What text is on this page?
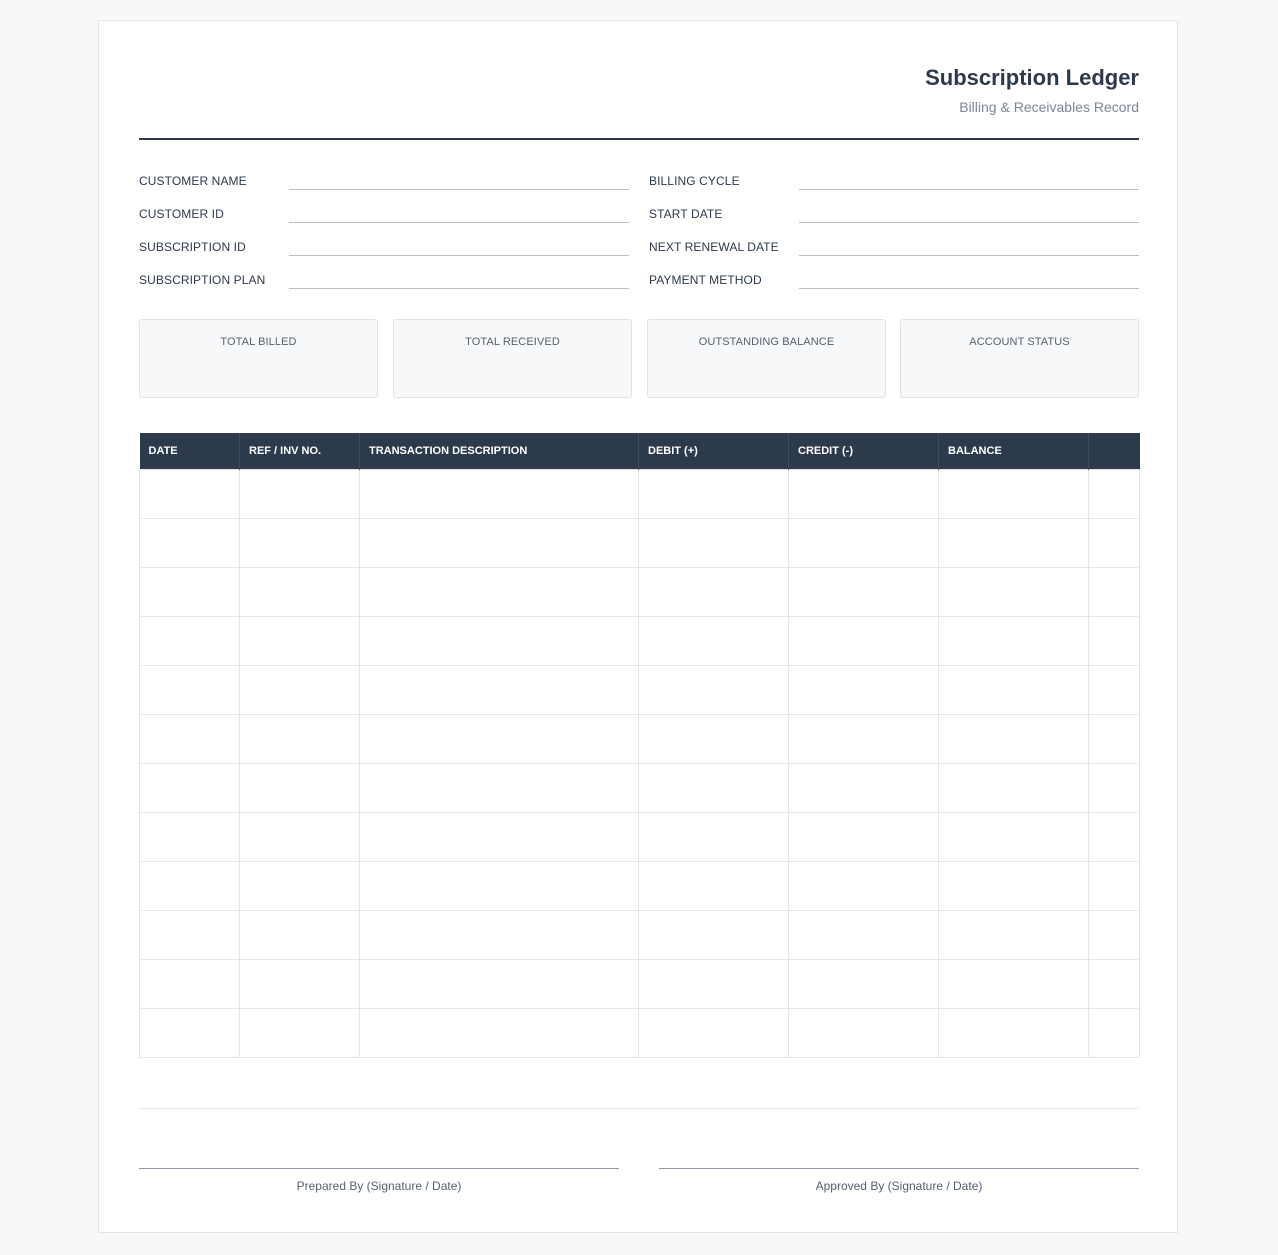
Subscription Ledger
Billing & Receivables Record
CUSTOMER NAME
CUSTOMER ID
SUBSCRIPTION ID
SUBSCRIPTION PLAN
BILLING CYCLE
START DATE
NEXT RENEWAL DATE
PAYMENT METHOD
TOTAL BILLED	TOTAL RECEIVED	OUTSTANDING BALANCE	ACCOUNT STATUS
DATE	REF / INV NO.	TRANSACTION DESCRIPTION	DEBIT (+)	CREDIT (-)	BALANCE	

Prepared By (Signature / Date)	Approved By (Signature / Date)
